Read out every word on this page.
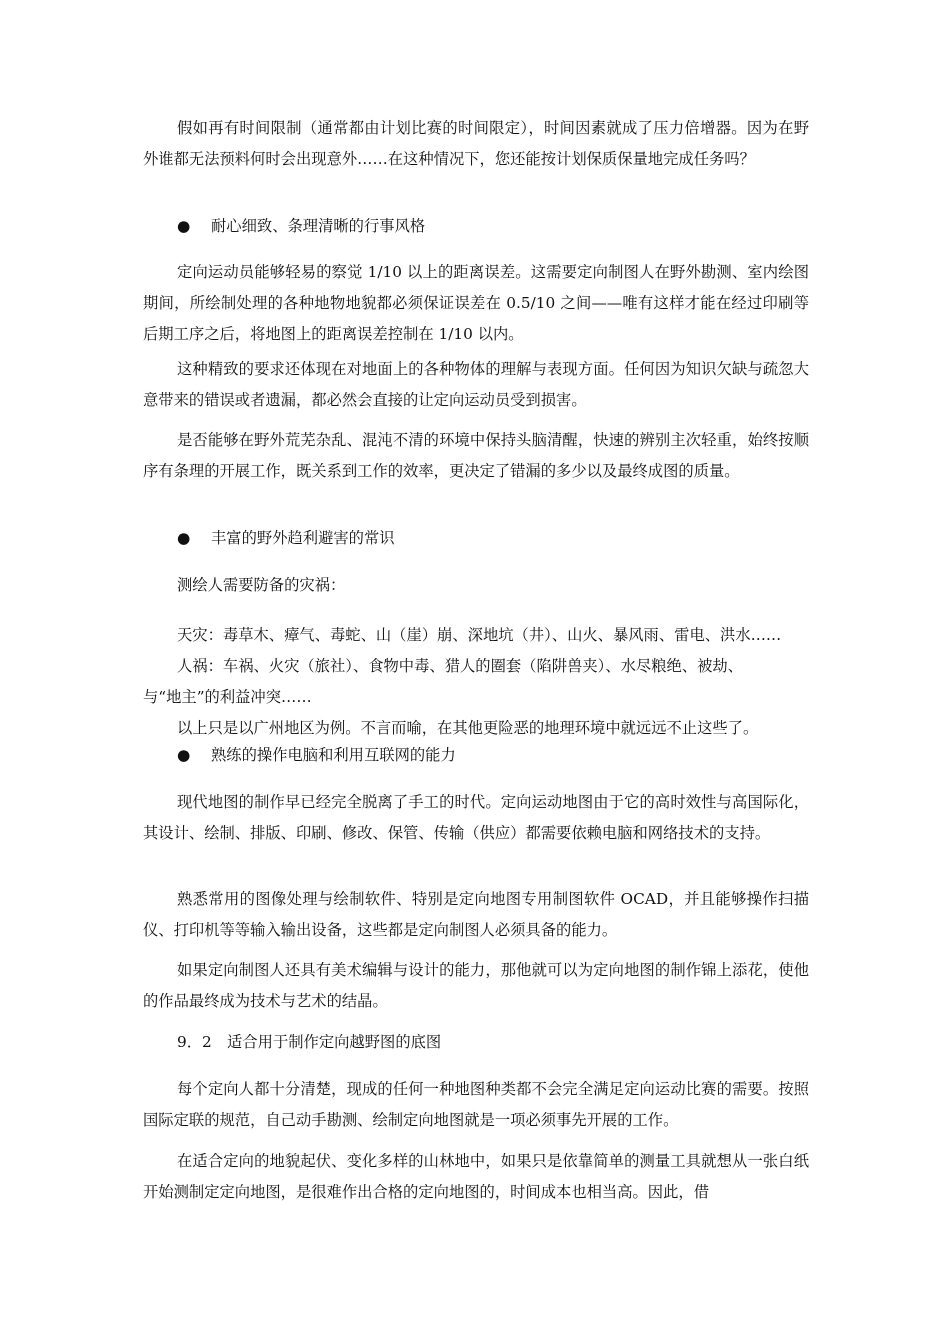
假如再有时间限制（通常都由计划比赛的时间限定），时间因素就成了压力倍增器。因为在野外谁都无法预料何时会出现意外……在这种情况下，您还能按计划保质保量地完成任务吗？

● 耐心细致、条理清晰的行事风格

定向运动员能够轻易的察觉 1/10 以上的距离误差。这需要定向制图人在野外勘测、室内绘图期间，所绘制处理的各种地物地貌都必须保证误差在 0.5/10 之间——唯有这样才能在经过印刷等后期工序之后，将地图上的距离误差控制在 1/10 以内。

这种精致的要求还体现在对地面上的各种物体的理解与表现方面。任何因为知识欠缺与疏忽大意带来的错误或者遗漏，都必然会直接的让定向运动员受到损害。

是否能够在野外荒芜杂乱、混沌不清的环境中保持头脑清醒，快速的辨别主次轻重，始终按顺序有条理的开展工作，既关系到工作的效率，更决定了错漏的多少以及最终成图的质量。

● 丰富的野外趋利避害的常识

测绘人需要防备的灾祸：

天灾：毒草木、瘴气、毒蛇、山（崖）崩、深地坑（井）、山火、暴风雨、雷电、洪水……

人祸：车祸、火灾（旅社）、食物中毒、猎人的圈套（陷阱兽夹）、水尽粮绝、被劫、

与“地主”的利益冲突……

以上只是以广州地区为例。不言而喻，在其他更险恶的地理环境中就远远不止这些了。

● 熟练的操作电脑和利用互联网的能力

现代地图的制作早已经完全脱离了手工的时代。定向运动地图由于它的高时效性与高国际化，其设计、绘制、排版、印刷、修改、保管、传输（供应）都需要依赖电脑和网络技术的支持。

熟悉常用的图像处理与绘制软件、特别是定向地图专用制图软件 OCAD，并且能够操作扫描仪、打印机等等输入输出设备，这些都是定向制图人必须具备的能力。

如果定向制图人还具有美术编辑与设计的能力，那他就可以为定向地图的制作锦上添花，使他的作品最终成为技术与艺术的结晶。

9．2　适合用于制作定向越野图的底图

每个定向人都十分清楚，现成的任何一种地图种类都不会完全满足定向运动比赛的需要。按照国际定联的规范，自己动手勘测、绘制定向地图就是一项必须事先开展的工作。

在适合定向的地貌起伏、变化多样的山林地中，如果只是依靠简单的测量工具就想从一张白纸开始测制定定向地图，是很难作出合格的定向地图的，时间成本也相当高。因此，借
